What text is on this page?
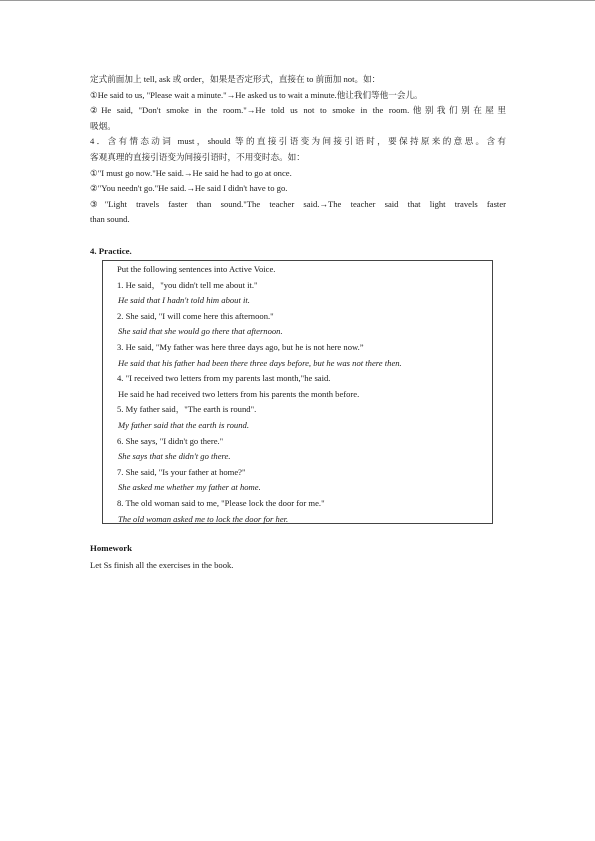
定式前面加上 tell, ask 或 order，如果是否定形式，直接在 to 前面加 not。如：
①He said to us, "Please wait a minute."→He asked us to wait a minute.他让我们等他一会儿。
②He said, "Don't smoke in the room."→He told us not to smoke in the room.他别我们别在屋里
吸烟。
4．含有情态动词 must，should 等的直接引语变为间接引语时，要保持原来的意思。含有
客观真理的直接引语变为间接引语时，不用变时态。如：
①"I must go now."He said.→He said he had to go at once.
②"You needn't go."He said.→He said I didn't have to go.
③"Light travels faster than sound."The teacher said.→The teacher said that light travels faster
than sound.
4. Practice.
Put the following sentences into Active Voice.
1. He said，"you didn't tell me about it."
He said that I hadn't told him about it.
2. She said, "I will come here this afternoon."
She said that she would go there that afternoon.
3. He said, "My father was here three days ago, but he is not here now.”
He said that his father had been there three days before, but he was not there then.
4. "I received two letters from my parents last month,"he said.
He said he had received two letters from his parents the month before.
5. My father said，"The earth is round".
My father said that the earth is round.
6. She says, "I didn't go there."
She says that she didn't go there.
7. She said, "Is your father at home?"
She asked me whether my father at home.
8. The old woman said to me, "Please lock the door for me."
The old woman asked me to lock the door for her.
Homework
Let Ss finish all the exercises in the book.
